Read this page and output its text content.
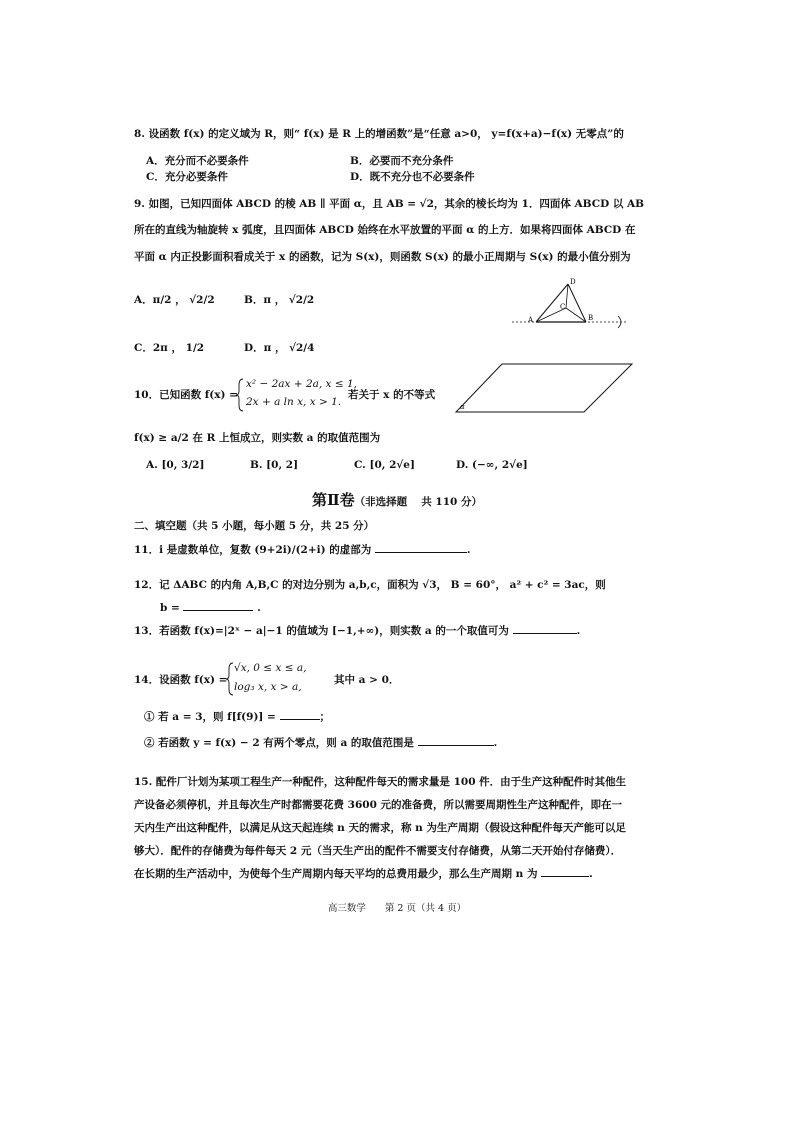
8. 设函数 f(x) 的定义域为 R，则“ f(x) 是 R 上的增函数”是“任意 a>0， y=f(x+a)−f(x) 无零点”的
A．充分而不必要条件	B．必要而不充分条件
C．充分必要条件	D．既不充分也不必要条件
9. 如图，已知四面体 ABCD 的棱 AB ∥ 平面 α，且 AB = √2，其余的棱长均为 1．四面体 ABCD 以 AB
所在的直线为轴旋转 x 弧度，且四面体 ABCD 始终在水平放置的平面 α 的上方．如果将四面体 ABCD 在
平面 α 内正投影面积看成关于 x 的函数，记为 S(x)，则函数 S(x) 的最小正周期与 S(x) 的最小值分别为
A．π/2 ， √2/2	B．π ， √2/2
C．2π ， 1/2	D．π ， √2/4
D
C
A	B
α
10．已知函数 f(x) =
x² − 2ax + 2a, x ≤ 1,
2x + a ln x, x > 1.
若关于 x 的不等式
f(x) ≥ a/2 在 R 上恒成立，则实数 a 的取值范围为
A. [0, 3/2]	B. [0, 2]	C. [0, 2√e]	D. (−∞, 2√e]
第Ⅱ卷（非选择题　 共 110 分）
二、填空题（共 5 小题，每小题 5 分，共 25 分）
11．i 是虚数单位，复数 (9+2i)/(2+i) 的虚部为	.
12．记 ΔABC 的内角 A,B,C 的对边分别为 a,b,c，面积为 √3， B = 60°， a² + c² = 3ac，则
b =	.
13．若函数 f(x)=|2ˣ − a|−1 的值域为 [−1,+∞)，则实数 a 的一个取值可为	.
14．设函数 f(x) =
√x, 0 ≤ x ≤ a,
log₃ x, x > a,
其中 a > 0．
① 若 a = 3，则 f[f(9)] =	；
② 若函数 y = f(x) − 2 有两个零点，则 a 的取值范围是	.
15. 配件厂计划为某项工程生产一种配件，这种配件每天的需求量是 100 件．由于生产这种配件时其他生
产设备必须停机，并且每次生产时都需要花费 3600 元的准备费，所以需要周期性生产这种配件，即在一
天内生产出这种配件，以满足从这天起连续 n 天的需求，称 n 为生产周期（假设这种配件每天产能可以足
够大）．配件的存储费为每件每天 2 元（当天生产出的配件不需要支付存储费，从第二天开始付存储费）．
在长期的生产活动中，为使每个生产周期内每天平均的总费用最少，那么生产周期 n 为	.
高三数学　　第 2 页（共 4 页）
